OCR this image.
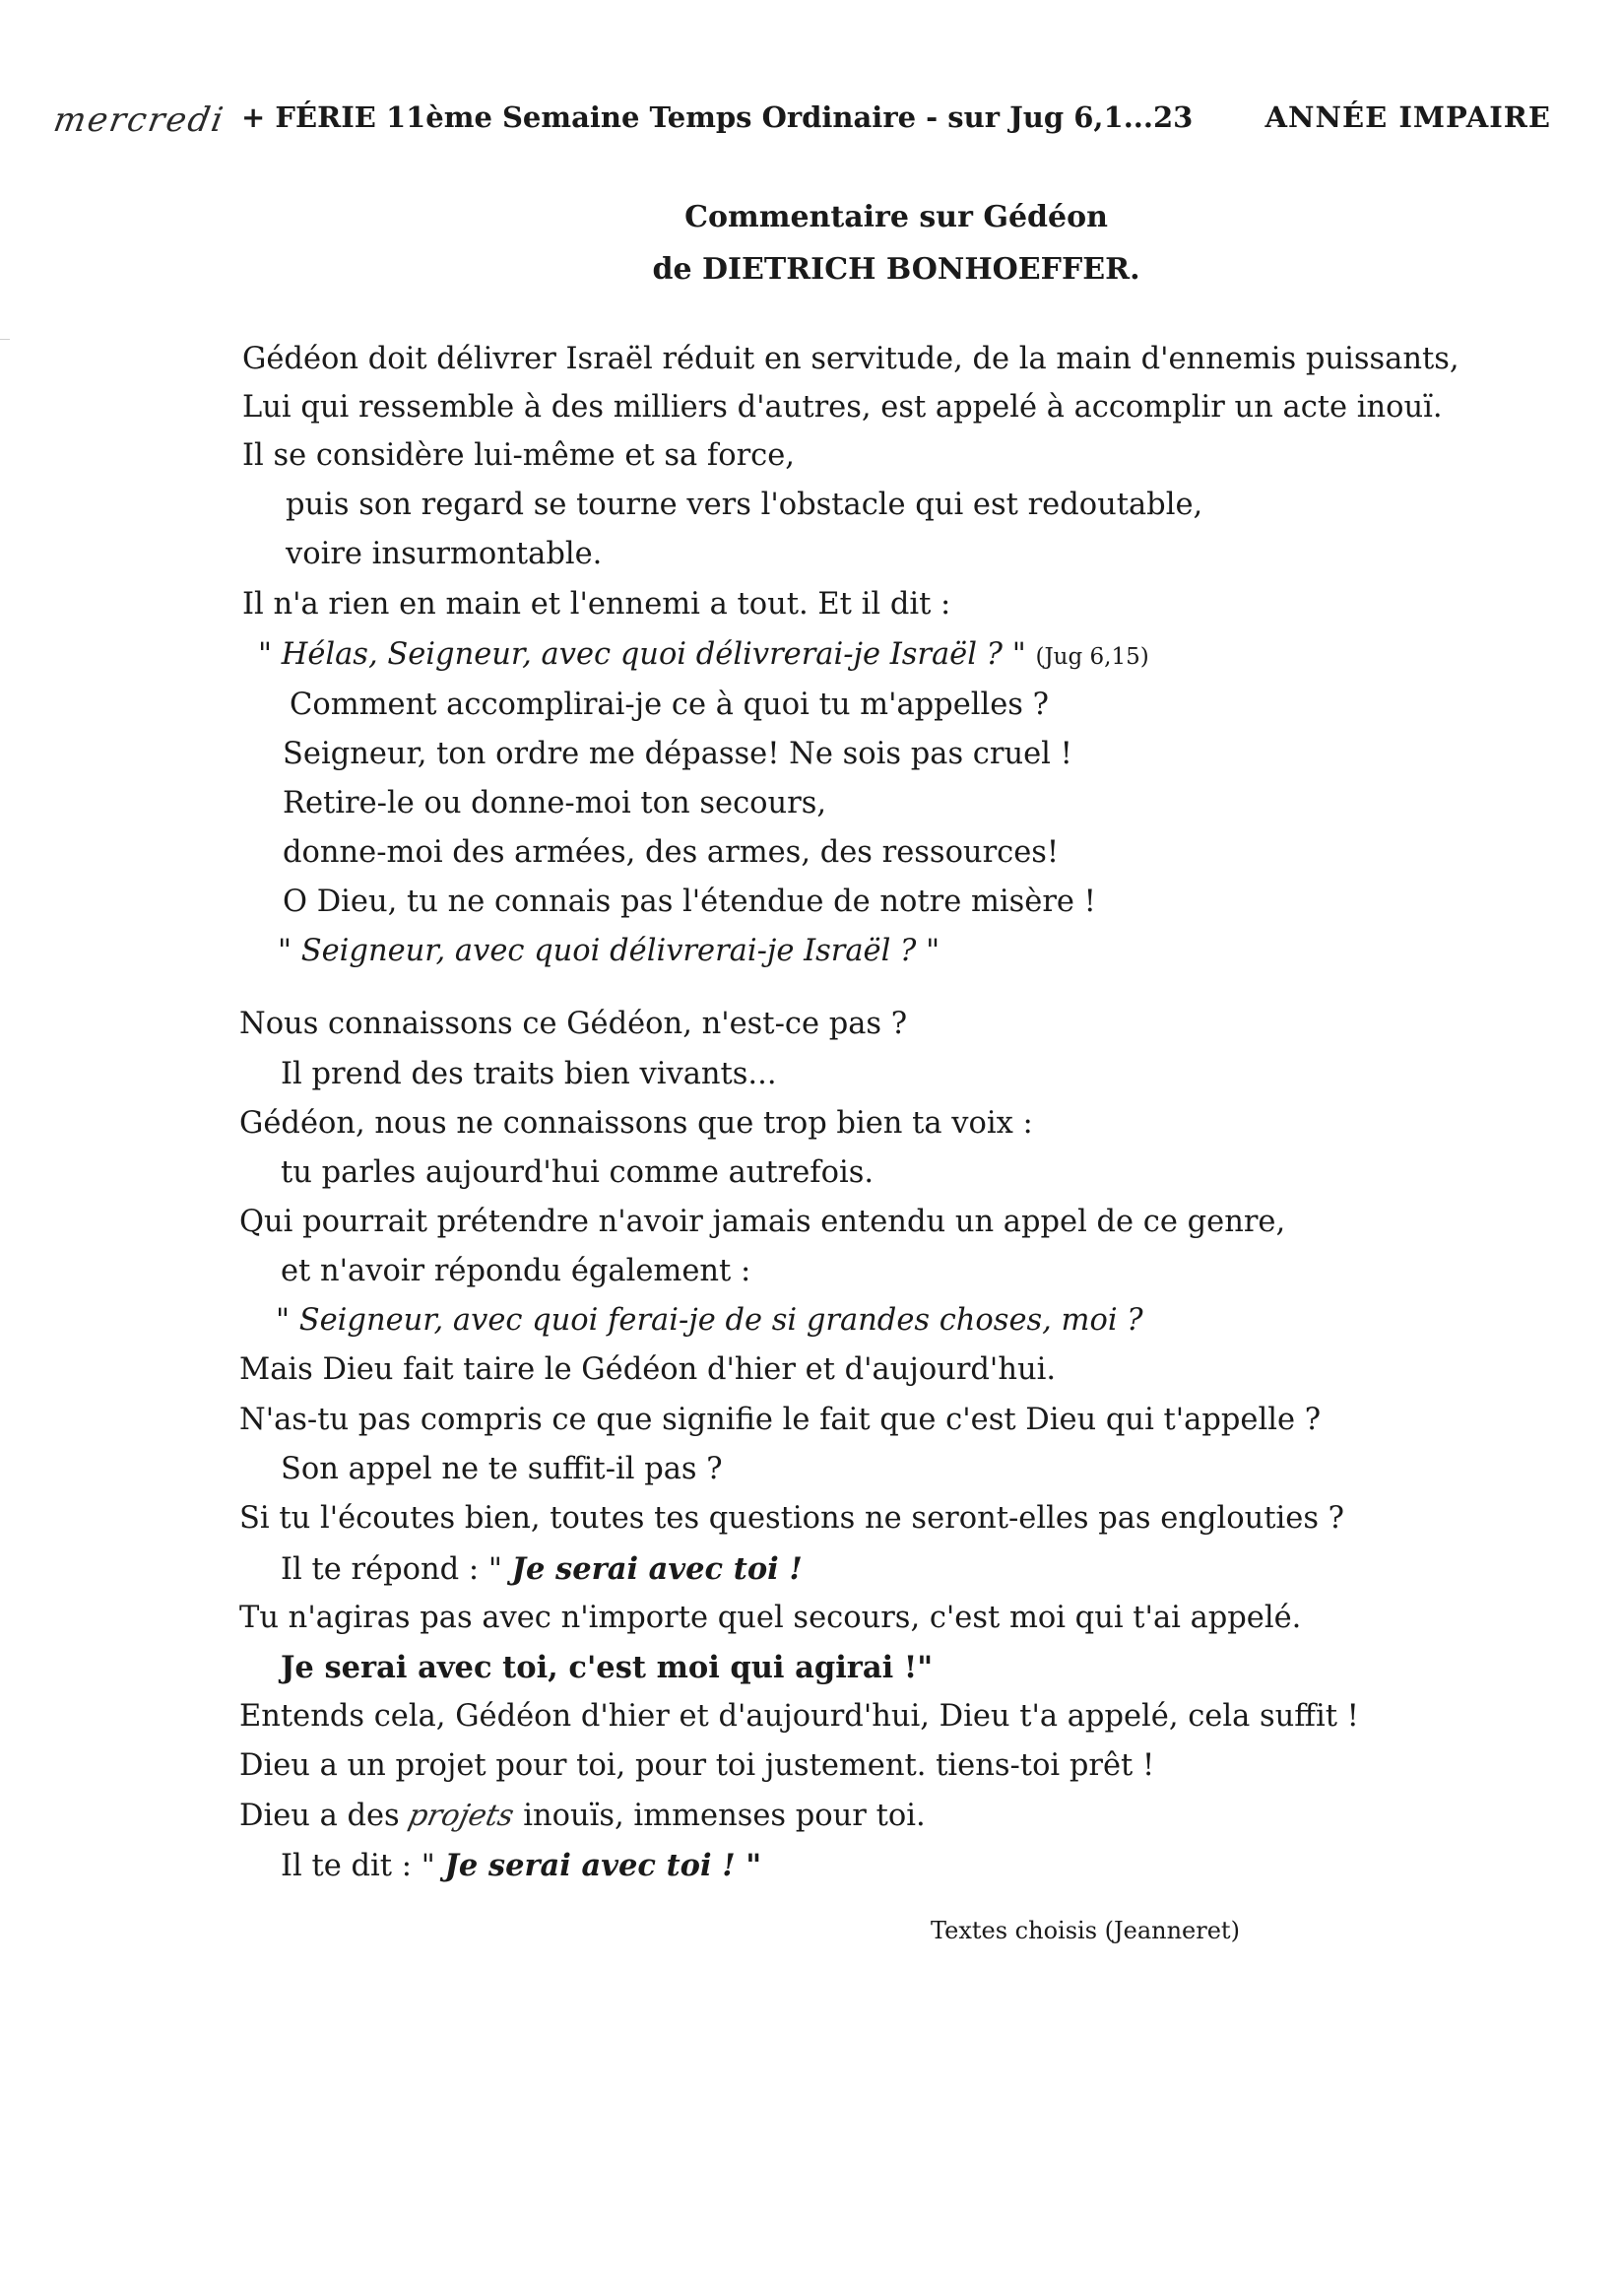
mercredi + FÉRIE 11ème Semaine Temps Ordinaire - sur Jug 6,1...23	ANNÉE IMPAIRE
Commentaire sur Gédéon
de DIETRICH BONHOEFFER.
Gédéon doit délivrer Israël réduit en servitude, de la main d'ennemis puissants,
Lui qui ressemble à des milliers d'autres, est appelé à accomplir un acte inouï.
Il se considère lui-même et sa force,
puis son regard se tourne vers l'obstacle qui est redoutable,
voire insurmontable.
Il n'a rien en main et l'ennemi a tout. Et il dit :
" Hélas, Seigneur, avec quoi délivrerai-je Israël ? " (Jug 6,15)
Comment accomplirai-je ce à quoi tu m'appelles ?
Seigneur, ton ordre me dépasse! Ne sois pas cruel !
Retire-le ou donne-moi ton secours,
donne-moi des armées, des armes, des ressources!
O Dieu, tu ne connais pas l'étendue de notre misère !
" Seigneur, avec quoi délivrerai-je Israël ? "
Nous connaissons ce Gédéon, n'est-ce pas ?
Il prend des traits bien vivants...
Gédéon, nous ne connaissons que trop bien ta voix :
tu parles aujourd'hui comme autrefois.
Qui pourrait prétendre n'avoir jamais entendu un appel de ce genre,
et n'avoir répondu également :
" Seigneur, avec quoi ferai-je de si grandes choses, moi ?
Mais Dieu fait taire le Gédéon d'hier et d'aujourd'hui.
N'as-tu pas compris ce que signifie le fait que c'est Dieu qui t'appelle ?
Son appel ne te suffit-il pas ?
Si tu l'écoutes bien, toutes tes questions ne seront-elles pas englouties ?
Il te répond : " Je serai avec toi !
Tu n'agiras pas avec n'importe quel secours, c'est moi qui t'ai appelé.
Je serai avec toi, c'est moi qui agirai !"
Entends cela, Gédéon d'hier et d'aujourd'hui, Dieu t'a appelé, cela suffit !
Dieu a un projet pour toi, pour toi justement. tiens-toi prêt !
Dieu a des projets inouïs, immenses pour toi.
Il te dit : " Je serai avec toi ! "
Textes choisis (Jeanneret)
